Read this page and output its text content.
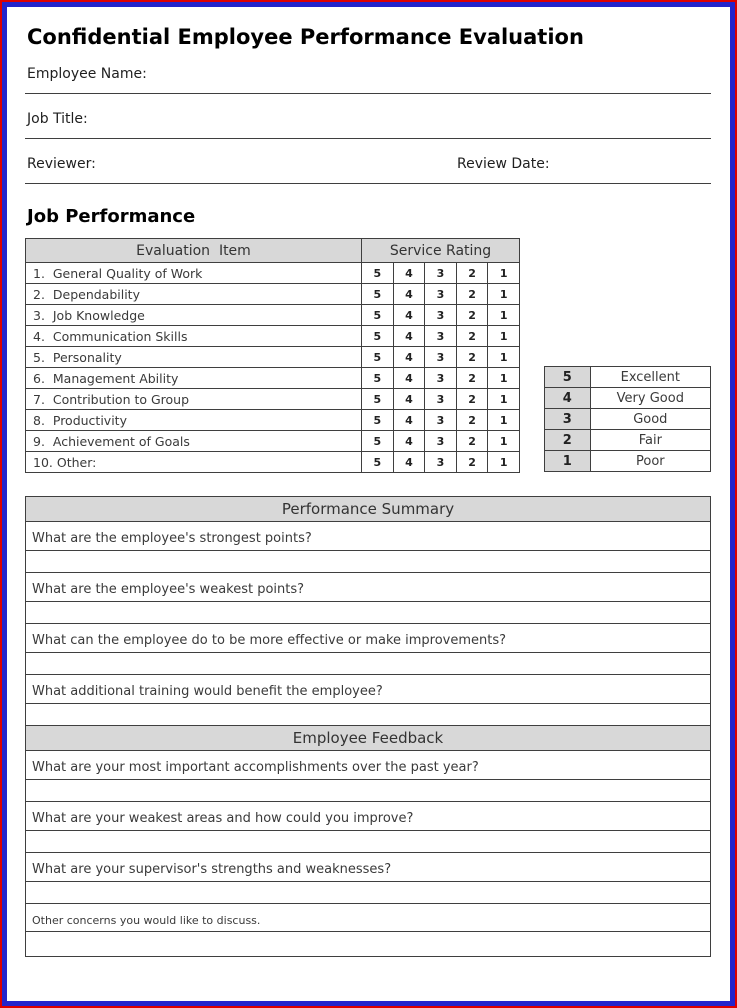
Confidential Employee Performance Evaluation
Employee Name:
Job Title:
Reviewer:	Review Date:
Job Performance
Evaluation  Item	Service Rating				
1.  General Quality of Work	5	4	3	2	1
2.  Dependability	5	4	3	2	1
3.  Job Knowledge	5	4	3	2	1
4.  Communication Skills	5	4	3	2	1
5.  Personality	5	4	3	2	1
6.  Management Ability	5	4	3	2	1
7.  Contribution to Group	5	4	3	2	1
8.  Productivity	5	4	3	2	1
9.  Achievement of Goals	5	4	3	2	1
10. Other:	5	4	3	2	1
5	Excellent
4	Very Good
3	Good
2	Fair
1	Poor
Performance Summary
What are the employee's strongest points?
What are the employee's weakest points?
What can the employee do to be more effective or make improvements?
What additional training would benefit the employee?
Employee Feedback
What are your most important accomplishments over the past year?
What are your weakest areas and how could you improve?
What are your supervisor's strengths and weaknesses?
Other concerns you would like to discuss.
